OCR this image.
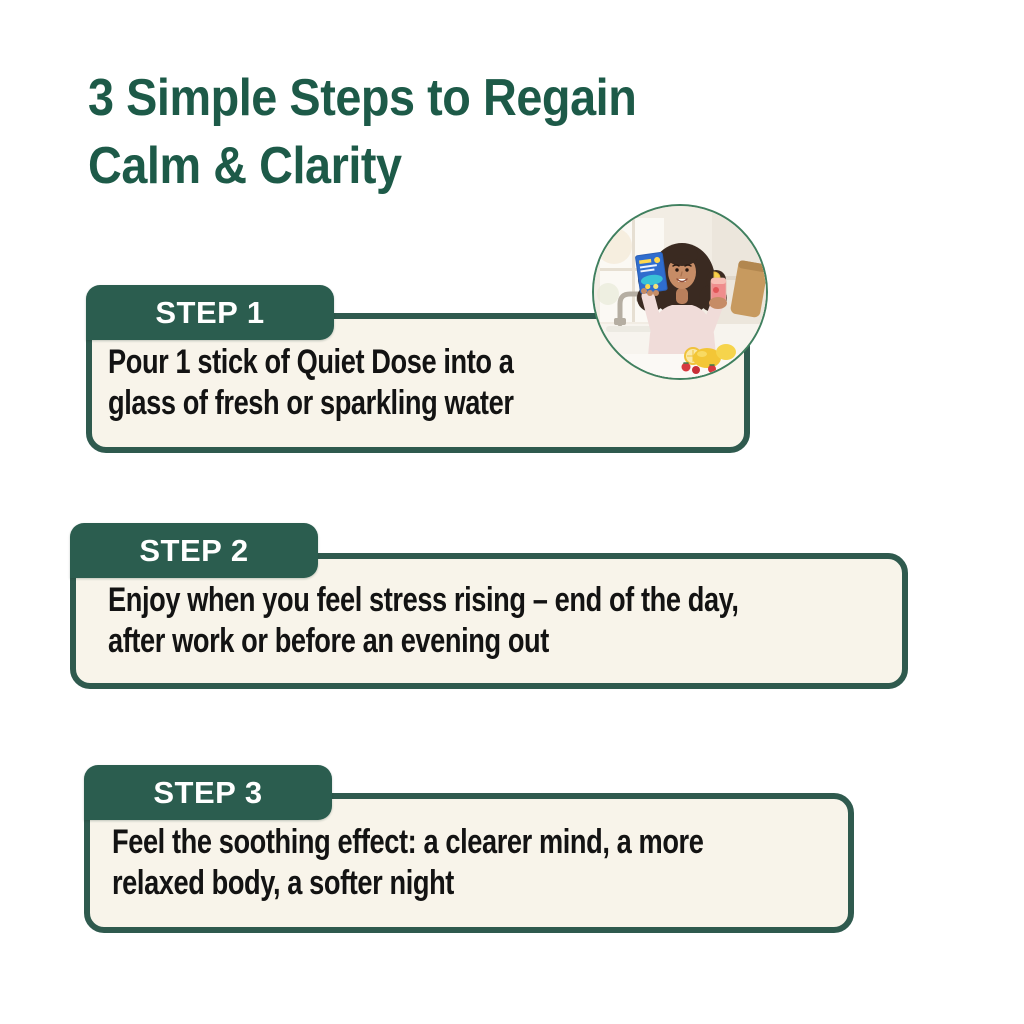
3 Simple Steps to Regain
Calm & Clarity
STEP 1
Pour 1 stick of Quiet Dose into a
glass of fresh or sparkling water
STEP 2
Enjoy when you feel stress rising – end of the day,
after work or before an evening out
STEP 3
Feel the soothing effect: a clearer mind, a more
relaxed body, a softer night
